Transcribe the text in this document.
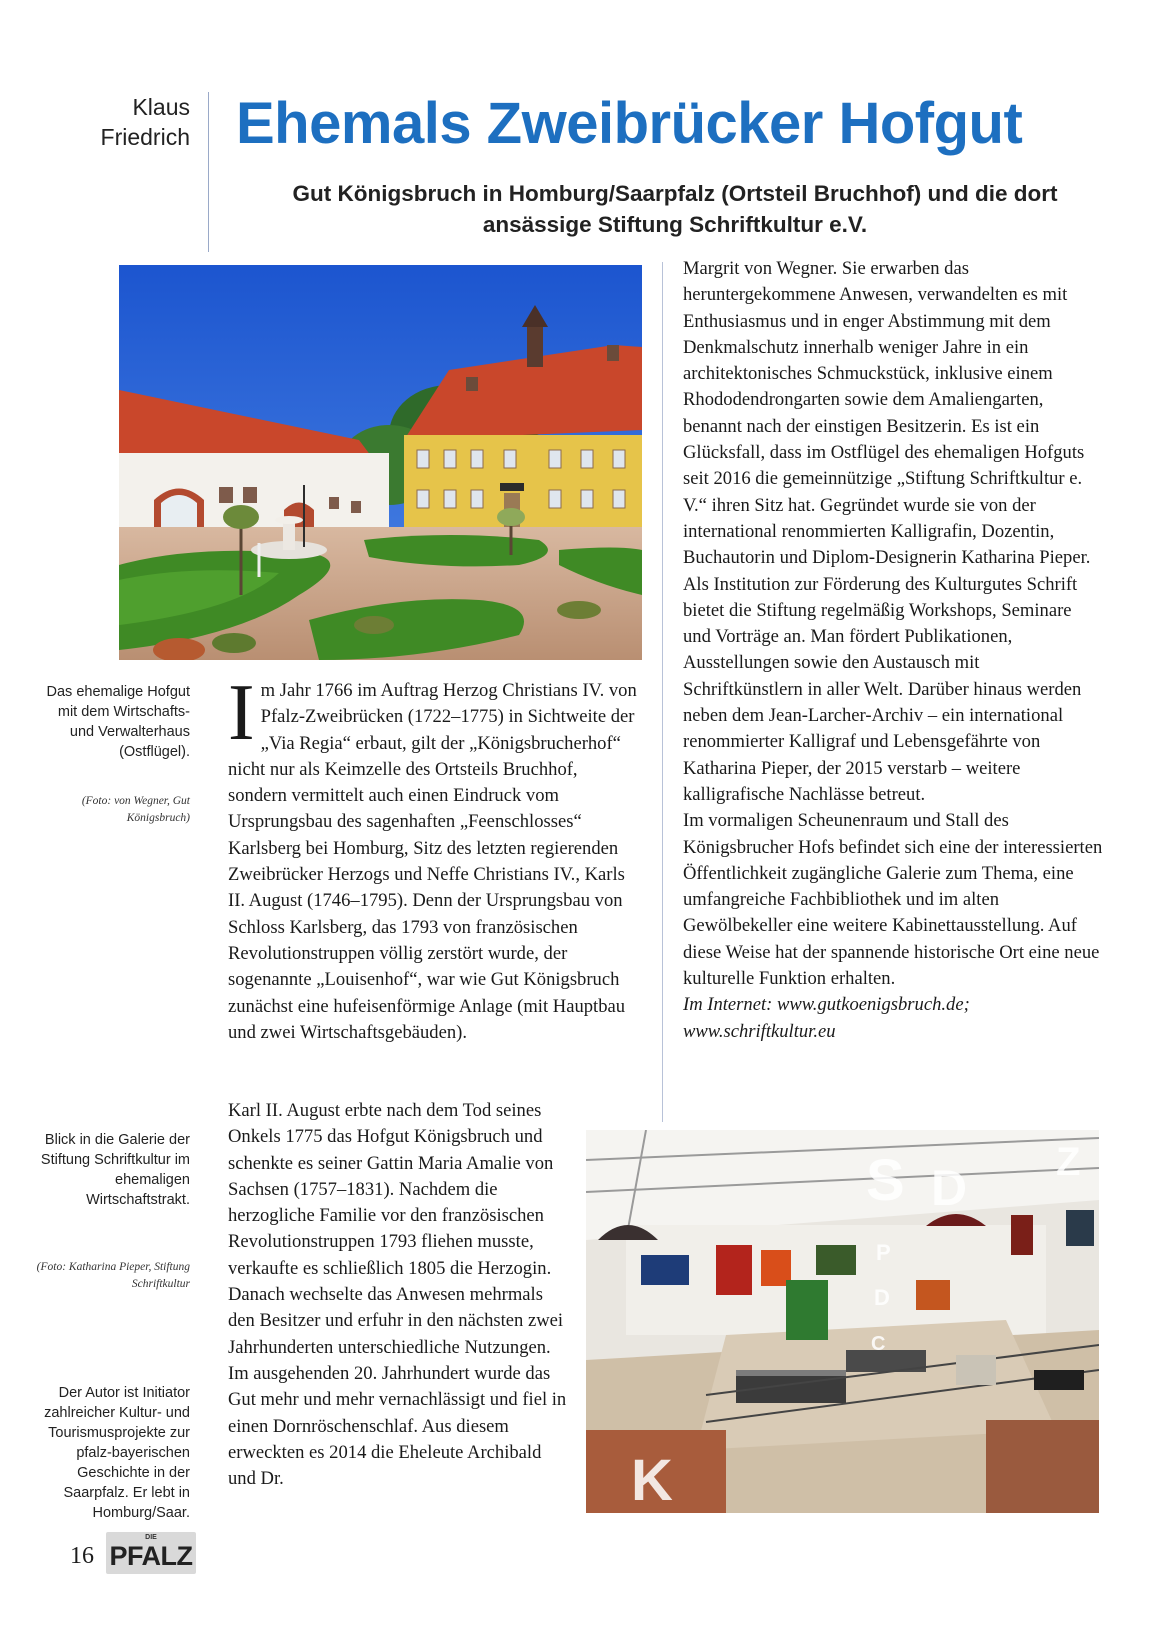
Klaus
Friedrich Ehemals Zweibrücker Hofgut
Gut Königsbruch in Homburg/Saarpfalz (Ortsteil Bruchhof) und die dort
ansässige Stiftung Schriftkultur e.V.
Das ehemalige Hofgut mit dem Wirtschafts- und Verwalterhaus (Ostflügel).
(Foto: von Wegner, Gut Königsbruch)
Blick in die Galerie der Stiftung Schriftkultur im ehemaligen Wirtschaftstrakt.
(Foto: Katharina Pieper, Stiftung Schriftkultur
Der Autor ist Initiator zahlreicher Kultur- und Tourismusprojekte zur pfalz-bayerischen Geschichte in der Saarpfalz. Er lebt in Homburg/Saar.
I m Jahr 1766 im Auftrag Herzog Christians IV. von Pfalz-Zweibrücken (1722–1775) in Sichtweite der „Via Regia“ erbaut, gilt der „Königsbrucherhof“ nicht nur als Keimzelle des Ortsteils Bruchhof, sondern vermittelt auch einen Eindruck vom Ursprungsbau des sagenhaften „Feenschlosses“ Karlsberg bei Homburg, Sitz des letzten regierenden Zweibrücker Herzogs und Neffe Christians IV., Karls II. August (1746–1795). Denn der Ursprungsbau von Schloss Karlsberg, das 1793 von französischen Revolutionstruppen völlig zerstört wurde, der sogenannte „Louisenhof“, war wie Gut Königsbruch zunächst eine hufeisenförmige Anlage (mit Hauptbau und zwei Wirtschaftsgebäuden).
Karl II. August erbte nach dem Tod seines Onkels 1775 das Hofgut Königsbruch und schenkte es seiner Gattin Maria Amalie von Sachsen (1757–1831). Nachdem die herzogliche Familie vor den französischen Revolutionstruppen 1793 fliehen musste, verkaufte es schließlich 1805 die Herzogin. Danach wechselte das Anwesen mehrmals den Besitzer und erfuhr in den nächsten zwei Jahrhunderten unterschiedliche Nutzungen. Im ausgehenden 20. Jahrhundert wurde das Gut mehr und mehr vernachlässigt und fiel in einen Dornröschenschlaf. Aus diesem erweckten es 2014 die Eheleute Archibald und Dr.

Margrit von Wegner. Sie erwarben das heruntergekommene Anwesen, verwandelten es mit Enthusiasmus und in enger Abstimmung mit dem Denkmalschutz innerhalb weniger Jahre in ein architektonisches Schmuckstück, inklusive einem Rhododendrongarten sowie dem Amaliengarten, benannt nach der einstigen Besitzerin. Es ist ein Glücksfall, dass im Ostflügel des ehemaligen Hofguts seit 2016 die gemeinnützige „Stiftung Schriftkultur e. V.“ ihren Sitz hat. Gegründet wurde sie von der international renommierten Kalligrafin, Dozentin, Buchautorin und Diplom-Designerin Katharina Pieper. Als Institution zur Förderung des Kulturgutes Schrift bietet die Stiftung regelmäßig Workshops, Seminare und Vorträge an. Man fördert Publikationen, Ausstellungen sowie den Austausch mit Schriftkünstlern in aller Welt. Darüber hinaus werden neben dem Jean-Larcher-Archiv – ein international renommierter Kalligraf und Lebensgefährte von Katharina Pieper, der 2015 verstarb – weitere kalligrafische Nachlässe betreut.

Im vormaligen Scheunenraum und Stall des Königsbrucher Hofs befindet sich eine der interessierten Öffentlichkeit zugängliche Galerie zum Thema, eine umfangreiche Fachbibliothek und im alten Gewölbekeller eine weitere Kabinettausstellung. Auf diese Weise hat der spannende historische Ort eine neue kulturelle Funktion erhalten.

Im Internet: www.gutkoenigsbruch.de;
www.schriftkultur.eu

S D Z
K
P
D
C
16
DIE
PFALZ
